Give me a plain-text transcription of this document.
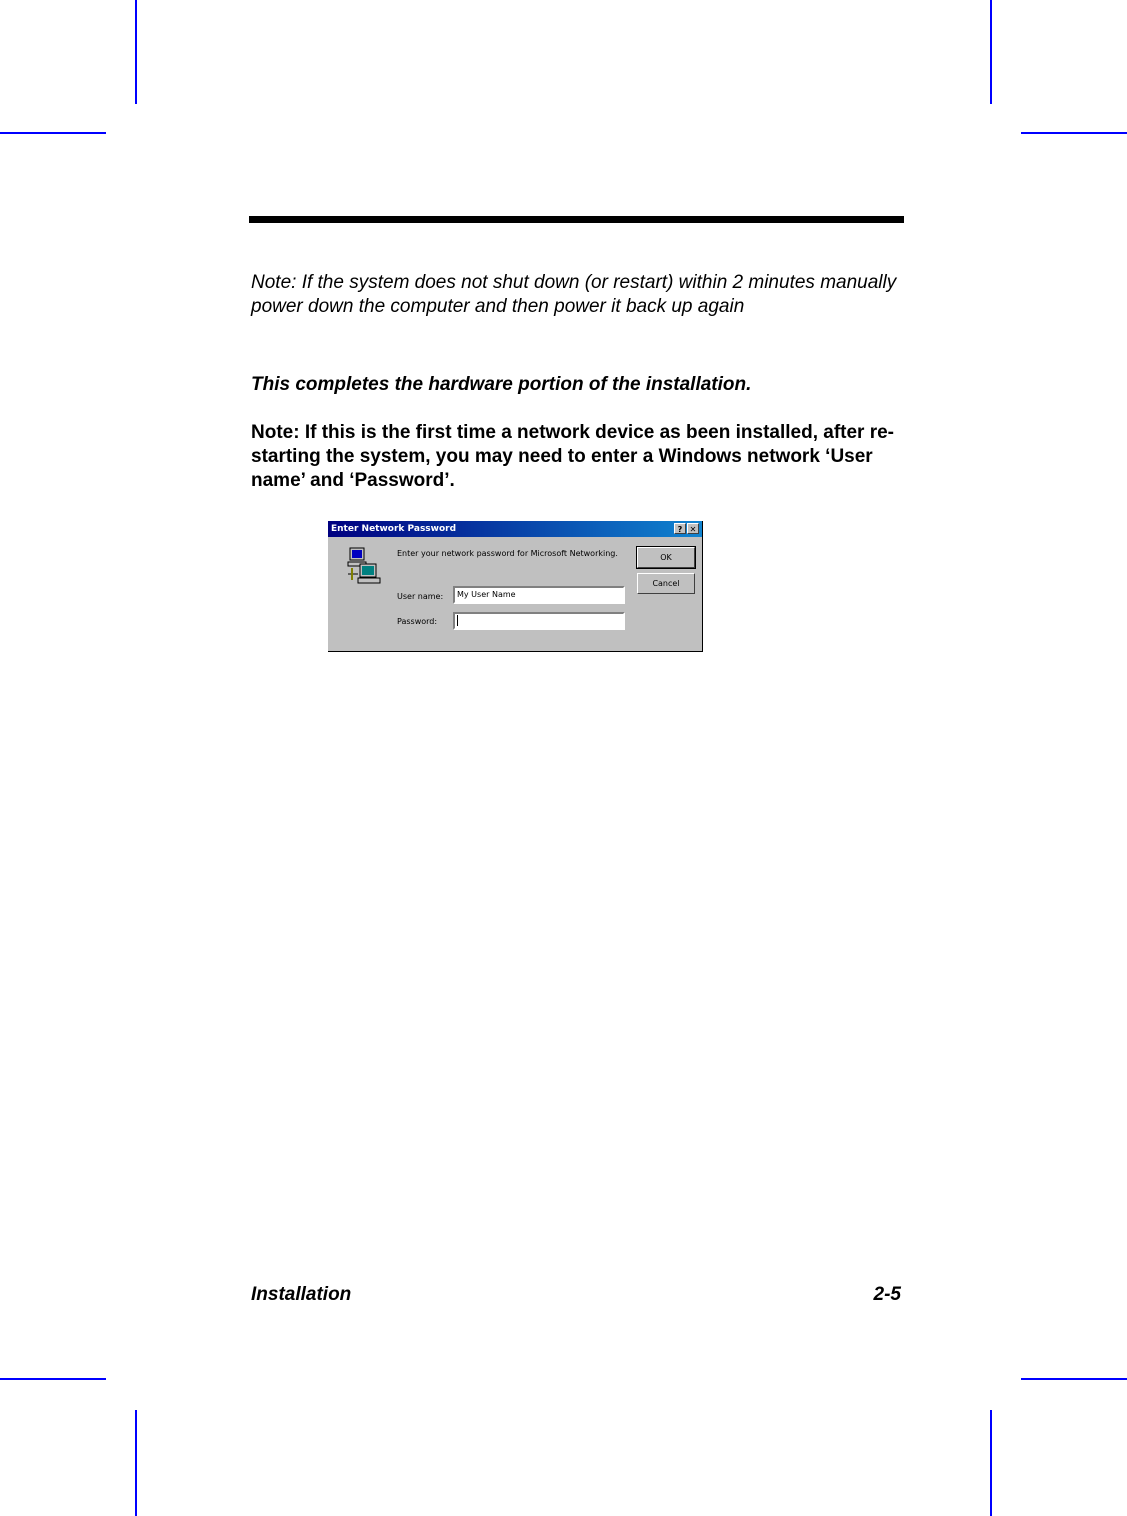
Note: If the system does not shut down (or restart) within 2 minutes manually power down the computer and then power it back up again
This completes the hardware portion of the installation.
Note: If this is the first time a network device as been installed, after re-starting the system, you may need to enter a Windows network ‘User name’ and ‘Password’.
Enter Network Password	? ✕
Enter your network password for Microsoft Networking.
User name:	My User Name
Password:
OK
Cancel
Installation	2-5
